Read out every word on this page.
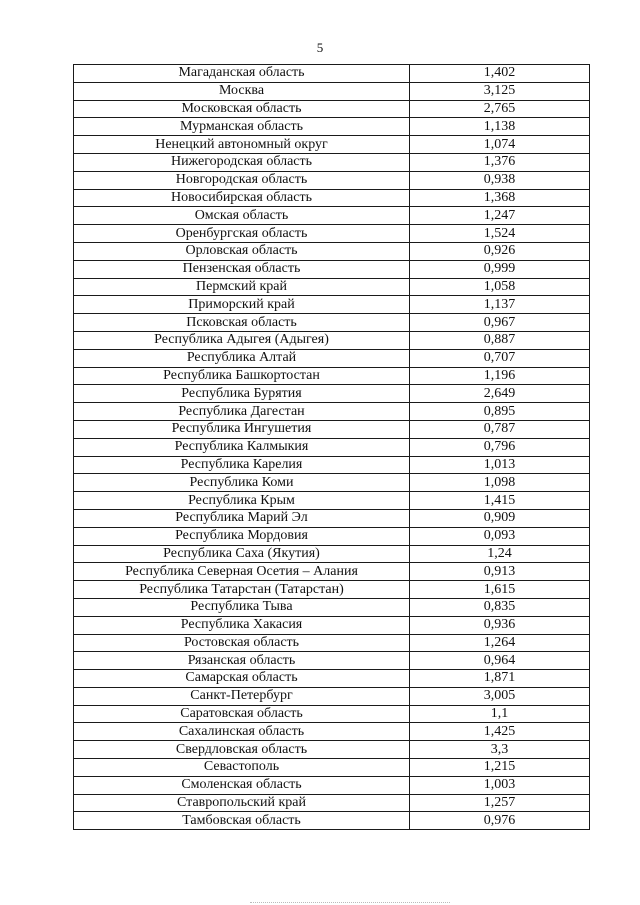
5
Магаданская область	1,402
Москва	3,125
Московская область	2,765
Мурманская область	1,138
Ненецкий автономный округ	1,074
Нижегородская область	1,376
Новгородская область	0,938
Новосибирская область	1,368
Омская область	1,247
Оренбургская область	1,524
Орловская область	0,926
Пензенская область	0,999
Пермский край	1,058
Приморский край	1,137
Псковская область	0,967
Республика Адыгея (Адыгея)	0,887
Республика Алтай	0,707
Республика Башкортостан	1,196
Республика Бурятия	2,649
Республика Дагестан	0,895
Республика Ингушетия	0,787
Республика Калмыкия	0,796
Республика Карелия	1,013
Республика Коми	1,098
Республика Крым	1,415
Республика Марий Эл	0,909
Республика Мордовия	0,093
Республика Саха (Якутия)	1,24
Республика Северная Осетия – Алания	0,913
Республика Татарстан (Татарстан)	1,615
Республика Тыва	0,835
Республика Хакасия	0,936
Ростовская область	1,264
Рязанская область	0,964
Самарская область	1,871
Санкт-Петербург	3,005
Саратовская область	1,1
Сахалинская область	1,425
Свердловская область	3,3
Севастополь	1,215
Смоленская область	1,003
Ставропольский край	1,257
Тамбовская область	0,976
